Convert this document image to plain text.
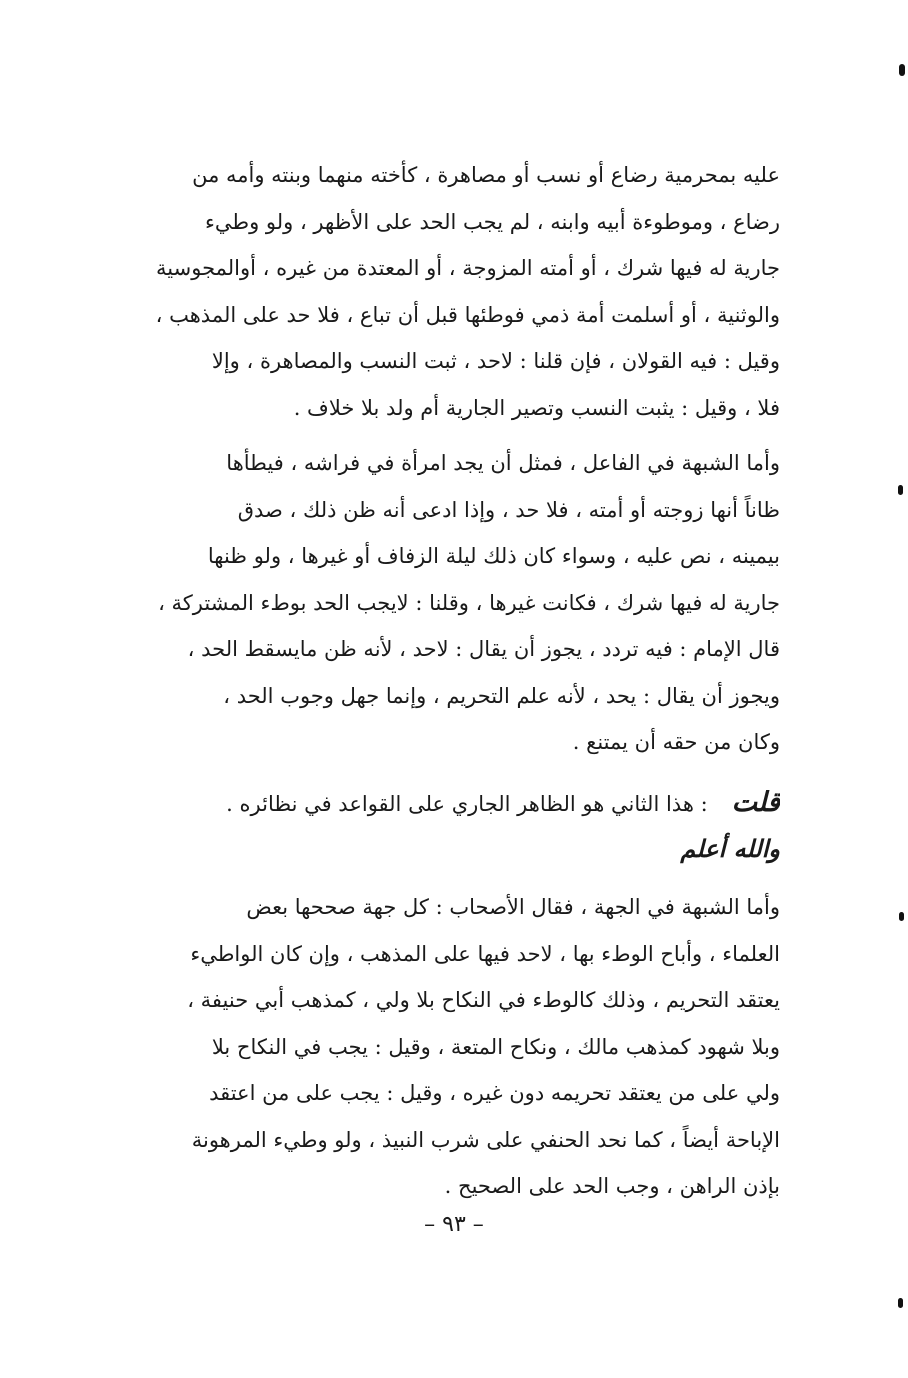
عليه بمحرمية رضاع أو نسب أو مصاهرة ، كأخته منهما وبنته وأمه من
رضاع ، وموطوءة أبيه وابنه ، لم يجب الحد على الأظهر ، ولو وطيء
جارية له فيها شرك ، أو أمته المزوجة ، أو المعتدة من غيره ، أوالمجوسية
والوثنية ، أو أسلمت أمة ذمي فوطئها قبل أن تباع ، فلا حد على المذهب ،
وقيل : فيه القولان ، فإن قلنا : لاحد ، ثبت النسب والمصاهرة ، وإلا
فلا ، وقيل : يثبت النسب وتصير الجارية أم ولد بلا خلاف .
وأما الشبهة في الفاعل ، فمثل أن يجد امرأة في فراشه ، فيطأها
ظاناً أنها زوجته أو أمته ، فلا حد ، وإذا ادعى أنه ظن ذلك ، صدق
بيمينه ، نص عليه ، وسواء كان ذلك ليلة الزفاف أو غيرها ، ولو ظنها
جارية له فيها شرك ، فكانت غيرها ، وقلنا : لايجب الحد بوطء المشتركة ،
قال الإمام : فيه تردد ، يجوز أن يقال : لاحد ، لأنه ظن مايسقط الحد ،
ويجوز أن يقال : يحد ، لأنه علم التحريم ، وإنما جهل وجوب الحد ،
وكان من حقه أن يمتنع .
قلت: هذا الثاني هو الظاهر الجاري على القواعد في نظائره .
والله أعلم
وأما الشبهة في الجهة ، فقال الأصحاب : كل جهة صححها بعض
العلماء ، وأباح الوطء بها ، لاحد فيها على المذهب ، وإن كان الواطيء
يعتقد التحريم ، وذلك كالوطء في النكاح بلا ولي ، كمذهب أبي حنيفة ،
وبلا شهود كمذهب مالك ، ونكاح المتعة ، وقيل : يجب في النكاح بلا
ولي على من يعتقد تحريمه دون غيره ، وقيل : يجب على من اعتقد
الإباحة أيضاً ، كما نحد الحنفي على شرب النبيذ ، ولو وطيء المرهونة
بإذن الراهن ، وجب الحد على الصحيح .
– ٩٣ –
